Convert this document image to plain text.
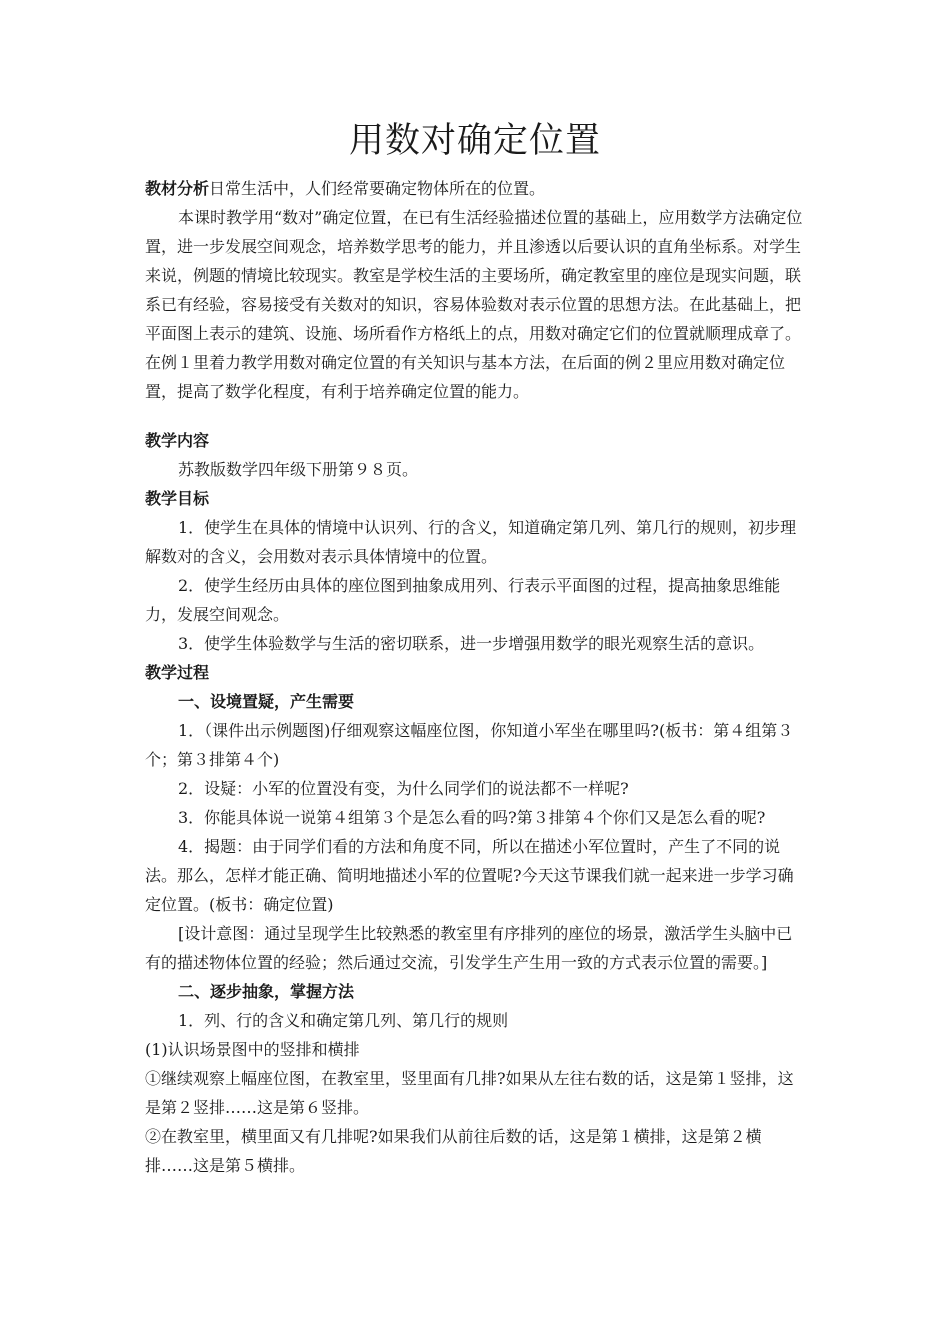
用数对确定位置

教材分析日常生活中，人们经常要确定物体所在的位置。

本课时教学用“数对”确定位置，在已有生活经验描述位置的基础上，应用数学方法确定位置，进一步发展空间观念，培养数学思考的能力，并且渗透以后要认识的直角坐标系。对学生来说，例题的情境比较现实。教室是学校生活的主要场所，确定教室里的座位是现实问题，联系已有经验，容易接受有关数对的知识，容易体验数对表示位置的思想方法。在此基础上，把平面图上表示的建筑、设施、场所看作方格纸上的点，用数对确定它们的位置就顺理成章了。在例１里着力教学用数对确定位置的有关知识与基本方法，在后面的例２里应用数对确定位置，提高了数学化程度，有利于培养确定位置的能力。

教学内容

苏教版数学四年级下册第９８页。

教学目标

1．使学生在具体的情境中认识列、行的含义，知道确定第几列、第几行的规则，初步理解数对的含义，会用数对表示具体情境中的位置。

2．使学生经历由具体的座位图到抽象成用列、行表示平面图的过程，提高抽象思维能力，发展空间观念。

3．使学生体验数学与生活的密切联系，进一步增强用数学的眼光观察生活的意识。

教学过程

一、设境置疑，产生需要

1．（课件出示例题图)仔细观察这幅座位图，你知道小军坐在哪里吗?(板书：第４组第３个；第３排第４个)

2．设疑：小军的位置没有变，为什么同学们的说法都不一样呢?

3．你能具体说一说第４组第３个是怎么看的吗?第３排第４个你们又是怎么看的呢?

4．揭题：由于同学们看的方法和角度不同，所以在描述小军位置时，产生了不同的说法。那么，怎样才能正确、简明地描述小军的位置呢?今天这节课我们就一起来进一步学习确定位置。(板书：确定位置)

[设计意图：通过呈现学生比较熟悉的教室里有序排列的座位的场景，激活学生头脑中已有的描述物体位置的经验；然后通过交流，引发学生产生用一致的方式表示位置的需要。]

二、逐步抽象，掌握方法

1．列、行的含义和确定第几列、第几行的规则

(1)认识场景图中的竖排和横排

①继续观察上幅座位图，在教室里，竖里面有几排?如果从左往右数的话，这是第１竖排，这是第２竖排……这是第６竖排。

②在教室里，横里面又有几排呢?如果我们从前往后数的话，这是第１横排，这是第２横排……这是第５横排。
